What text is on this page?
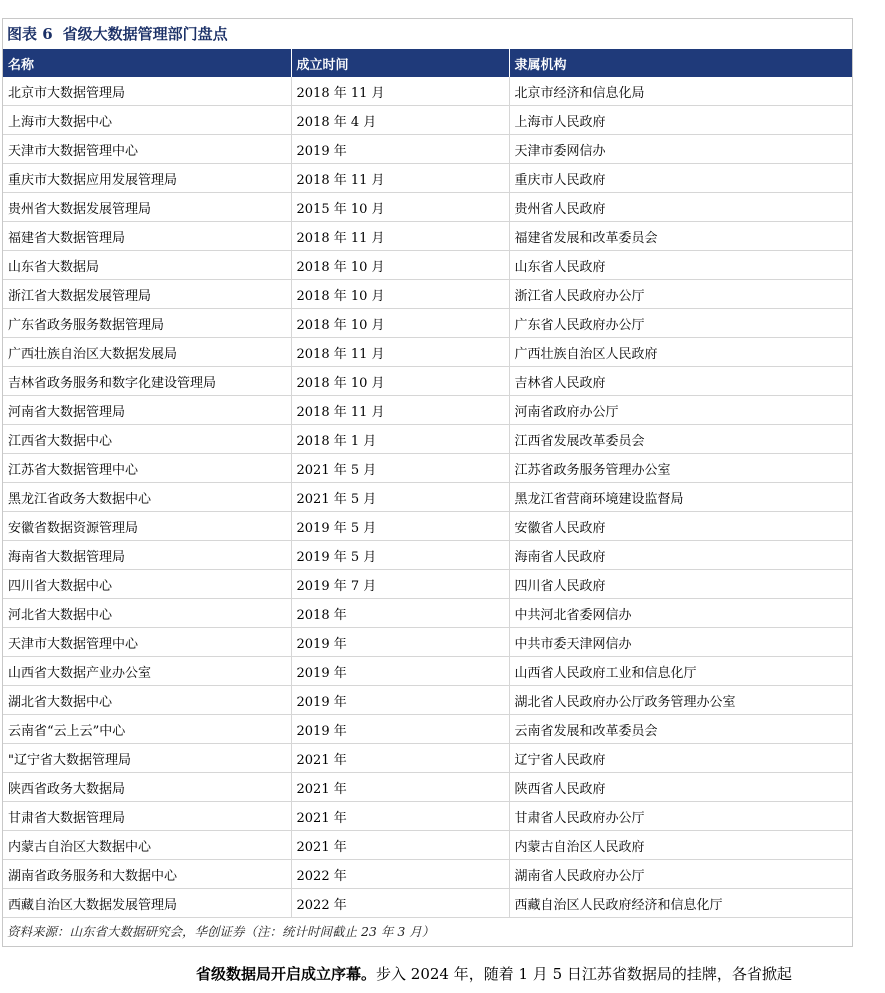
图表 6 省级大数据管理部门盘点
名称	成立时间	隶属机构
北京市大数据管理局	2018 年 11 月	北京市经济和信息化局
上海市大数据中心	2018 年 4 月	上海市人民政府
天津市大数据管理中心	2019 年	天津市委网信办
重庆市大数据应用发展管理局	2018 年 11 月	重庆市人民政府
贵州省大数据发展管理局	2015 年 10 月	贵州省人民政府
福建省大数据管理局	2018 年 11 月	福建省发展和改革委员会
山东省大数据局	2018 年 10 月	山东省人民政府
浙江省大数据发展管理局	2018 年 10 月	浙江省人民政府办公厅
广东省政务服务数据管理局	2018 年 10 月	广东省人民政府办公厅
广西壮族自治区大数据发展局	2018 年 11 月	广西壮族自治区人民政府
吉林省政务服务和数字化建设管理局	2018 年 10 月	吉林省人民政府
河南省大数据管理局	2018 年 11 月	河南省政府办公厅
江西省大数据中心	2018 年 1 月	江西省发展改革委员会
江苏省大数据管理中心	2021 年 5 月	江苏省政务服务管理办公室
黑龙江省政务大数据中心	2021 年 5 月	黑龙江省营商环境建设监督局
安徽省数据资源管理局	2019 年 5 月	安徽省人民政府
海南省大数据管理局	2019 年 5 月	海南省人民政府
四川省大数据中心	2019 年 7 月	四川省人民政府
河北省大数据中心	2018 年	中共河北省委网信办
天津市大数据管理中心	2019 年	中共市委天津网信办
山西省大数据产业办公室	2019 年	山西省人民政府工业和信息化厅
湖北省大数据中心	2019 年	湖北省人民政府办公厅政务管理办公室
云南省“云上云”中心	2019 年	云南省发展和改革委员会
"辽宁省大数据管理局	2021 年	辽宁省人民政府
陕西省政务大数据局	2021 年	陕西省人民政府
甘肃省大数据管理局	2021 年	甘肃省人民政府办公厅
内蒙古自治区大数据中心	2021 年	内蒙古自治区人民政府
湖南省政务服务和大数据中心	2022 年	湖南省人民政府办公厅
西藏自治区大数据发展管理局	2022 年	西藏自治区人民政府经济和信息化厅
资料来源：山东省大数据研究会，华创证券（注：统计时间截止 23 年 3 月）
省级数据局开启成立序幕。步入 2024 年，随着 1 月 5 日江苏省数据局的挂牌，各省掀起
